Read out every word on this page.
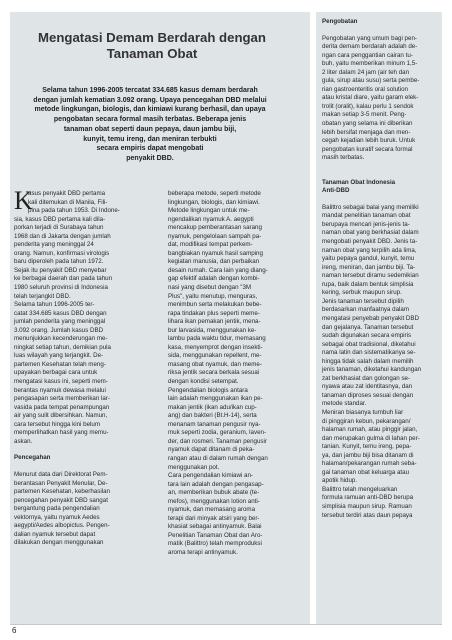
Pengobatan
Pengobatan yang umum bagi pen-
derita demam berdarah adalah de-
ngan cara penggantian cairan tu-
buh, yaitu memberikan minum 1,5-
2 liter dalam 24 jam (air teh dan
gula, sirup atau susu) serta pembe-
rian gastroenteritis oral solution
atau kristal diare, yaitu garam elek-
trolit (oralit), kalau perlu 1 sendok
makan setiap 3-5 menit. Peng-
obatan yang selama ini diberikan
lebih bersifat menjaga dan men-
cegah kejadian lebih buruk. Untuk
pengobatan kuratif secara formal
masih terbatas.
Tanaman Obat Indonesia
Anti-DBD
Balittro sebagai balai yang memiliki
mandat penelitian tanaman obat
berupaya mencari jenis-jenis ta-
naman obat yang berkhasiat dalam
mengobati penyakit DBD. Jenis ta-
naman obat yang terpilih ada lima,
yaitu pepaya gandul, kunyit, temu
ireng, meniran, dan jambu biji. Ta-
naman tersebut diramu sedemikian
rupa, baik dalam bentuk simplisia
kering, serbuk maupun sirup.
Jenis tanaman tersebut dipilih
berdasarkan manfaatnya dalam
mengatasi penyebab penyakit DBD
dan gejalanya. Tanaman tersebut
sudah digunakan secara empiris
sebagai obat tradisional, diketahui
nama latin dan sistematikanya se-
hingga tidak salah dalam memilih
jenis tanaman, diketahui kandungan
zat berkhasiat dan golongan se-
nyawa atau zat identitasnya, dan
tanaman diproses sesuai dengan
metode standar.
Meniran biasanya tumbuh liar
di pinggiran kebun, pekarangan/
halaman rumah, atau pinggir jalan,
dan merupakan gulma di lahan per-
tanian. Kunyit, temu ireng, pepa-
ya, dan jambu biji bisa ditanam di
halaman/pekarangan rumah seba-
gai tanaman obat keluarga atau
apotik hidup.
Balittro telah mengeluarkan
formula ramuan anti-DBD berupa
simplisia maupun sirup. Ramuan
tersebut terdiri atas daun pepaya
Mengatasi Demam Berdarah dengan
Tanaman Obat
Selama tahun 1996-2005 tercatat 334.685 kasus demam berdarah
dengan jumlah kematian 3.092 orang. Upaya pencegahan DBD melalui
metode lingkungan, biologis, dan kimiawi kurang berhasil, dan upaya
pengobatan secara formal masih terbatas. Beberapa jenis
tanaman obat seperti daun pepaya, daun jambu biji,
kunyit, temu ireng, dan meniran terbukti
secara empiris dapat mengobati
penyakit DBD.
K
asus penyakit DBD pertama
kali ditemukan di Manila, Fili-
pina pada tahun 1953. Di Indone-
sia, kasus DBD pertama kali dila-
porkan terjadi di Surabaya tahun
1968 dan di Jakarta dengan jumlah
penderita yang meninggal 24
orang. Namun, konfirmasi virologis
baru diperoleh pada tahun 1972.
Sejak itu penyakit DBD menyebar
ke berbagai daerah dan pada tahun
1980 seluruh provinsi di Indonesia
telah terjangkit DBD.
Selama tahun 1996-2005 ter-
catat 334.685 kasus DBD dengan
jumlah penderita yang meninggal
3.092 orang. Jumlah kasus DBD
menunjukkan kecenderungan me-
ningkat setiap tahun, demikian pula
luas wilayah yang terjangkit. De-
partemen Kesehatan telah meng-
upayakan berbagai cara untuk
mengatasi kasus ini, seperti mem-
berantas nyamuk dewasa melalui
pengasapan serta memberikan lar-
vasida pada tempat penampungan
air yang sulit dibersihkan. Namun,
cara tersebut hingga kini belum
memperlihatkan hasil yang memu-
askan.
Pencegahan
Menurut data dari Direktorat Pem-
berantasan Penyakit Menular, De-
partemen Kesehatan, keberhasilan
pencegahan penyakit DBD sangat
bergantung pada pengendalian
vektornya, yaitu nyamuk Aedes
aegypti/Aedes albopictus. Pengen-
dalian nyamuk tersebut dapat
dilakukan dengan menggunakan
beberapa metode, seperti metode
lingkungan, biologis, dan kimiawi.
Metode lingkungan untuk me-
ngendalikan nyamuk A. aegypti
mencakup pemberantasan sarang
nyamuk, pengelolaan sampah pa-
dat, modifikasi tempat perkem-
bangbiakan nyamuk hasil samping
kegiatan manusia, dan perbaikan
desain rumah. Cara lain yang diang-
gap efektif adalah dengan kombi-
nasi yang disebut dengan "3M
Plus", yaitu menutup, menguras,
menimbun serta melakukan bebe-
rapa tindakan plus seperti meme-
lihara ikan pemakan jentik, mena-
bur larvasida, menggunakan ke-
lambu pada waktu tidur, memasang
kasa, menyemprot dengan insekti-
sida, menggunakan repellent, me-
masang obat nyamuk, dan meme-
riksa jentik secara berkala sesuai
dengan kondisi setempat.
Pengendalian biologis antara
lain adalah menggunakan ikan pe-
makan jentik (ikan adu/ikan cup-
ang) dan bakteri (Bt.H-14), serta
menanam tanaman pengusir nya-
muk seperti zodia, geranium, laven-
der, dan rosmeri. Tanaman pengusir
nyamuk dapat ditanam di peka-
rangan atau di dalam rumah dengan
menggunakan pot.
Cara pengendalian kimiawi an-
tara lain adalah dengan pengasap-
an, memberikan bubuk abate (te-
mefos), menggunakan lotion anti-
nyamuk, dan memasang aroma
terapi dari minyak atsiri yang ber-
khasiat sebagai antinyamuk. Balai
Penelitian Tanaman Obat dan Aro-
matik (Balittro) telah memproduksi
aroma terapi antinyamuk.
6
